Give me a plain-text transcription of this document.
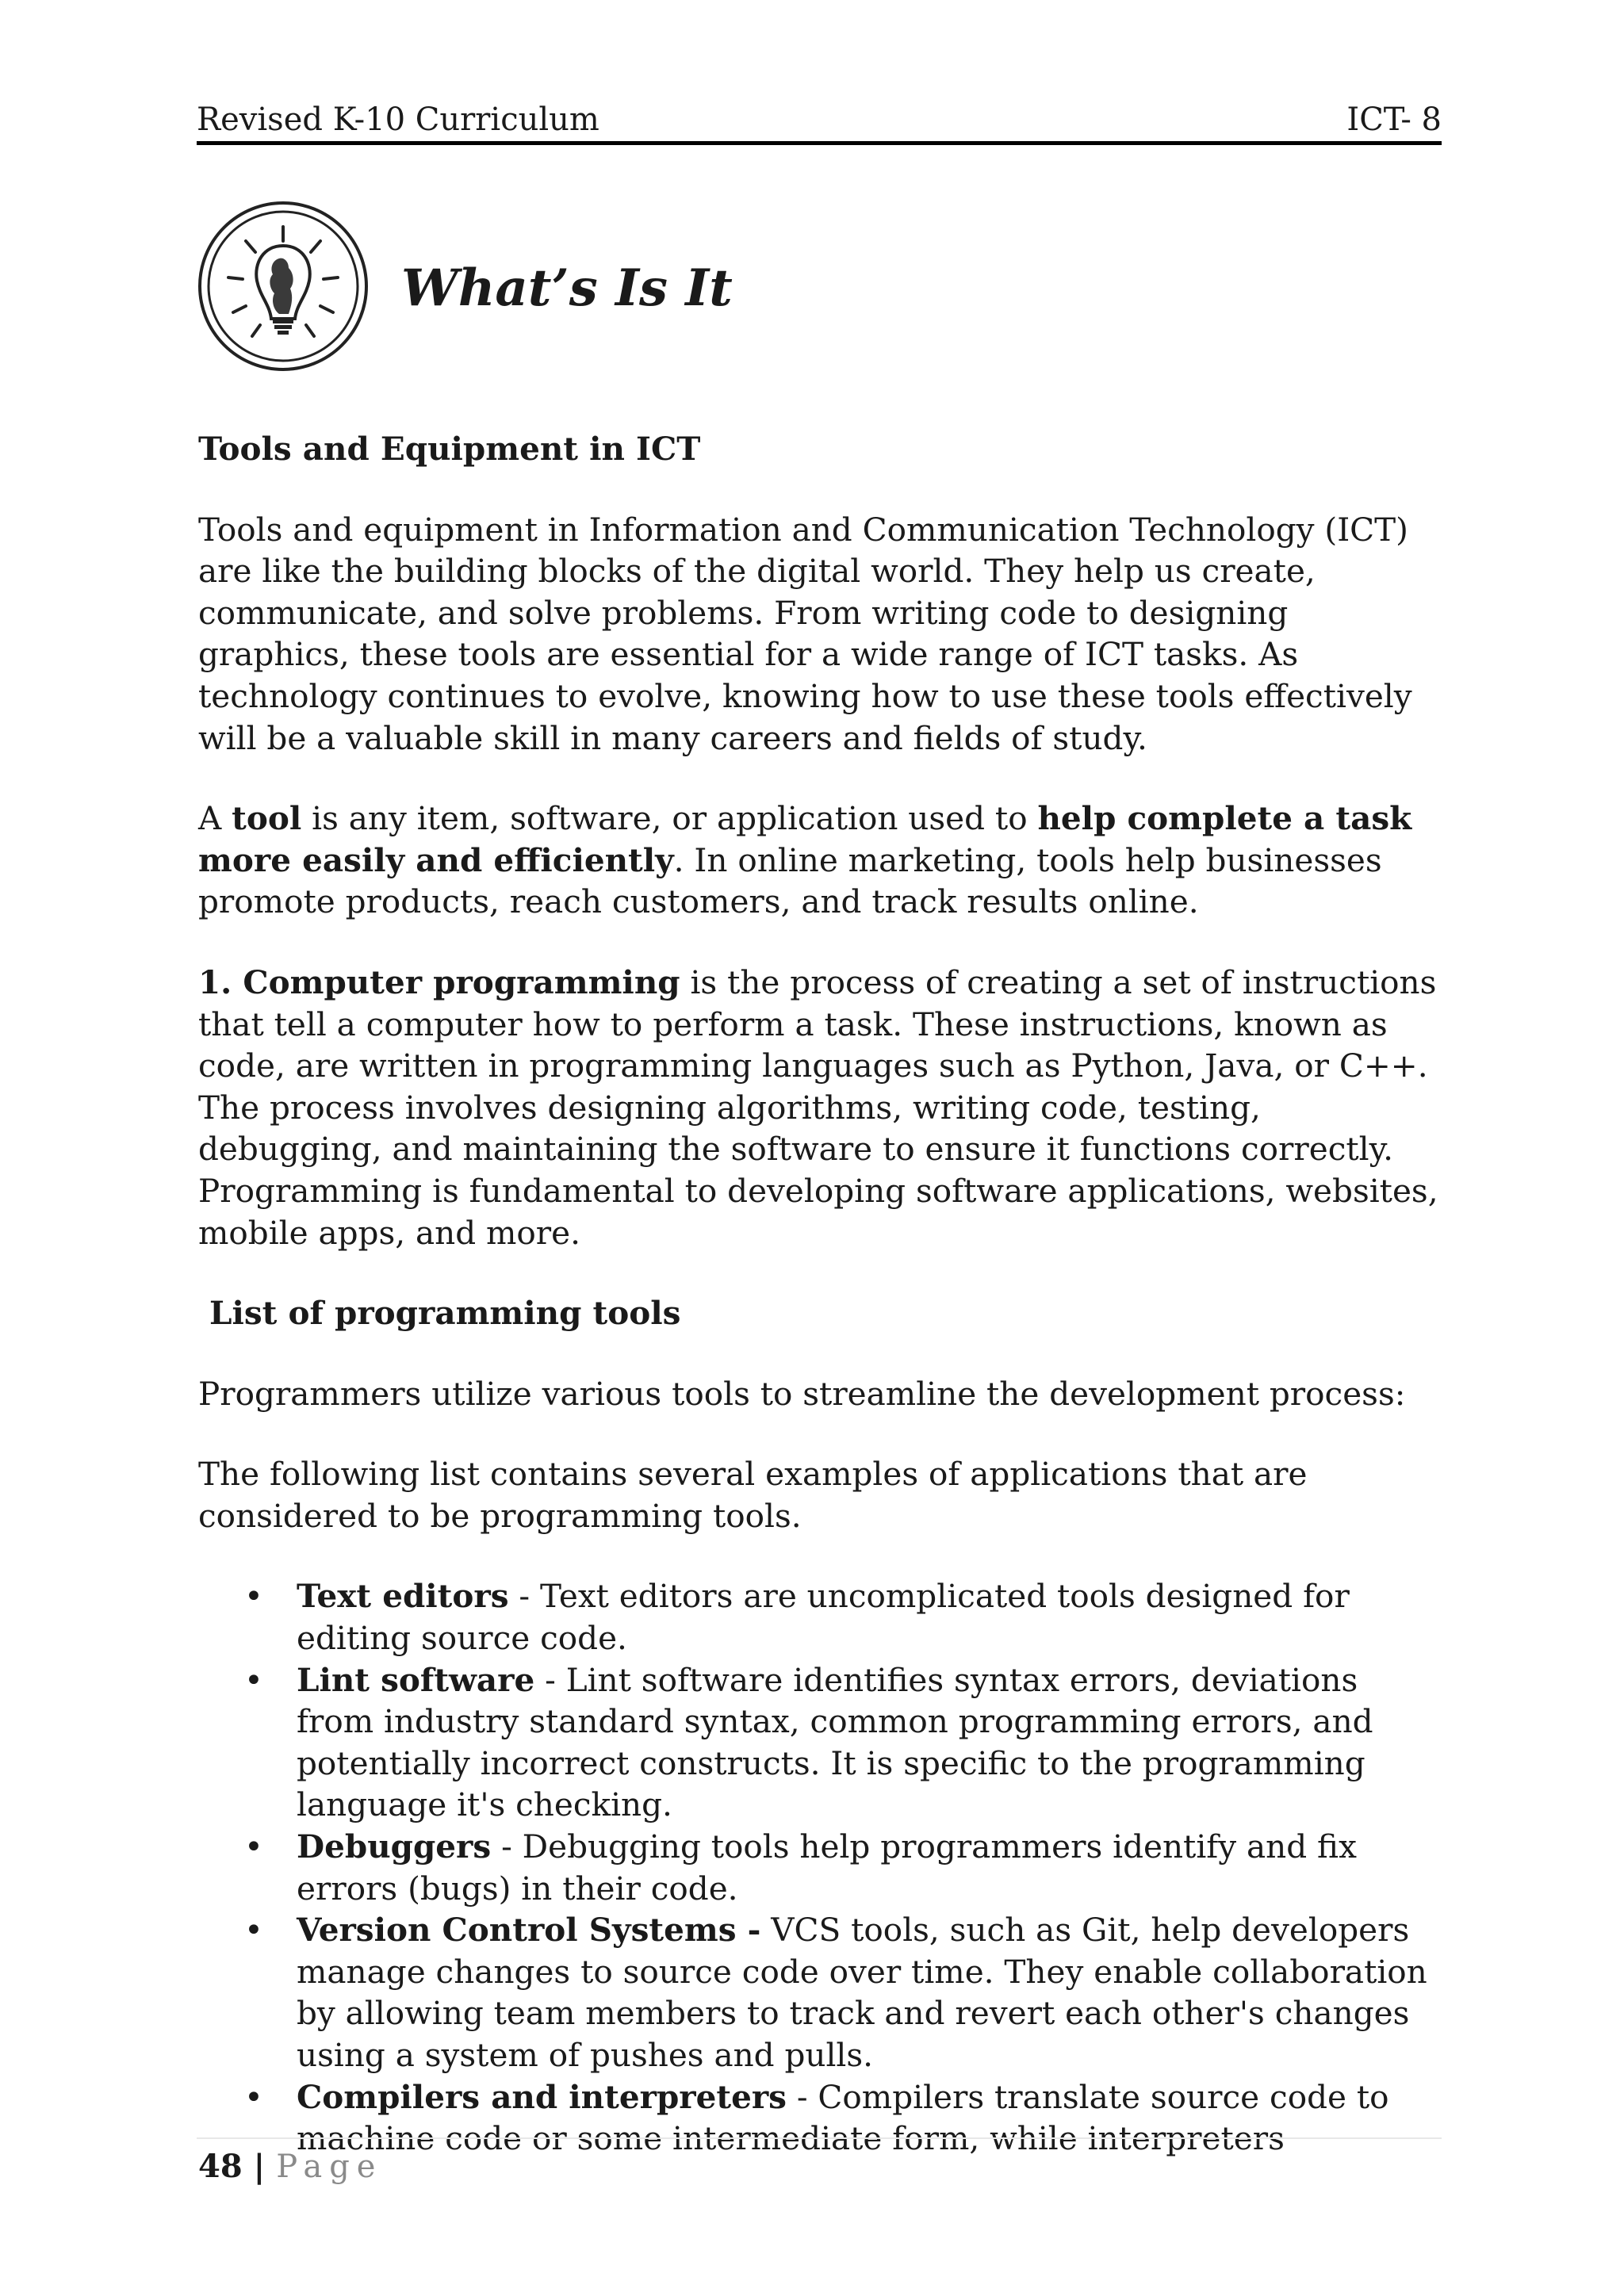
Revised K-10 Curriculum	ICT- 8
What’s Is It

Tools and Equipment in ICT

Tools and equipment in Information and Communication Technology (ICT) are like the building blocks of the digital world. They help us create, communicate, and solve problems. From writing code to designing graphics, these tools are essential for a wide range of ICT tasks. As technology continues to evolve, knowing how to use these tools effectively will be a valuable skill in many careers and fields of study.

A tool is any item, software, or application used to help complete a task more easily and efficiently. In online marketing, tools help businesses promote products, reach customers, and track results online.

1. Computer programming is the process of creating a set of instructions that tell a computer how to perform a task. These instructions, known as code, are written in programming languages such as Python, Java, or C++. The process involves designing algorithms, writing code, testing, debugging, and maintaining the software to ensure it functions correctly. Programming is fundamental to developing software applications, websites, mobile apps, and more.

List of programming tools

Programmers utilize various tools to streamline the development process:

The following list contains several examples of applications that are considered to be programming tools.

• Text editors - Text editors are uncomplicated tools designed for editing source code.
• Lint software - Lint software identifies syntax errors, deviations from industry standard syntax, common programming errors, and potentially incorrect constructs. It is specific to the programming language it's checking.
• Debuggers - Debugging tools help programmers identify and fix errors (bugs) in their code.
• Version Control Systems - VCS tools, such as Git, help developers manage changes to source code over time. They enable collaboration by allowing team members to track and revert each other's changes using a system of pushes and pulls.
• Compilers and interpreters - Compilers translate source code to machine code or some intermediate form, while interpreters
48 | Page
